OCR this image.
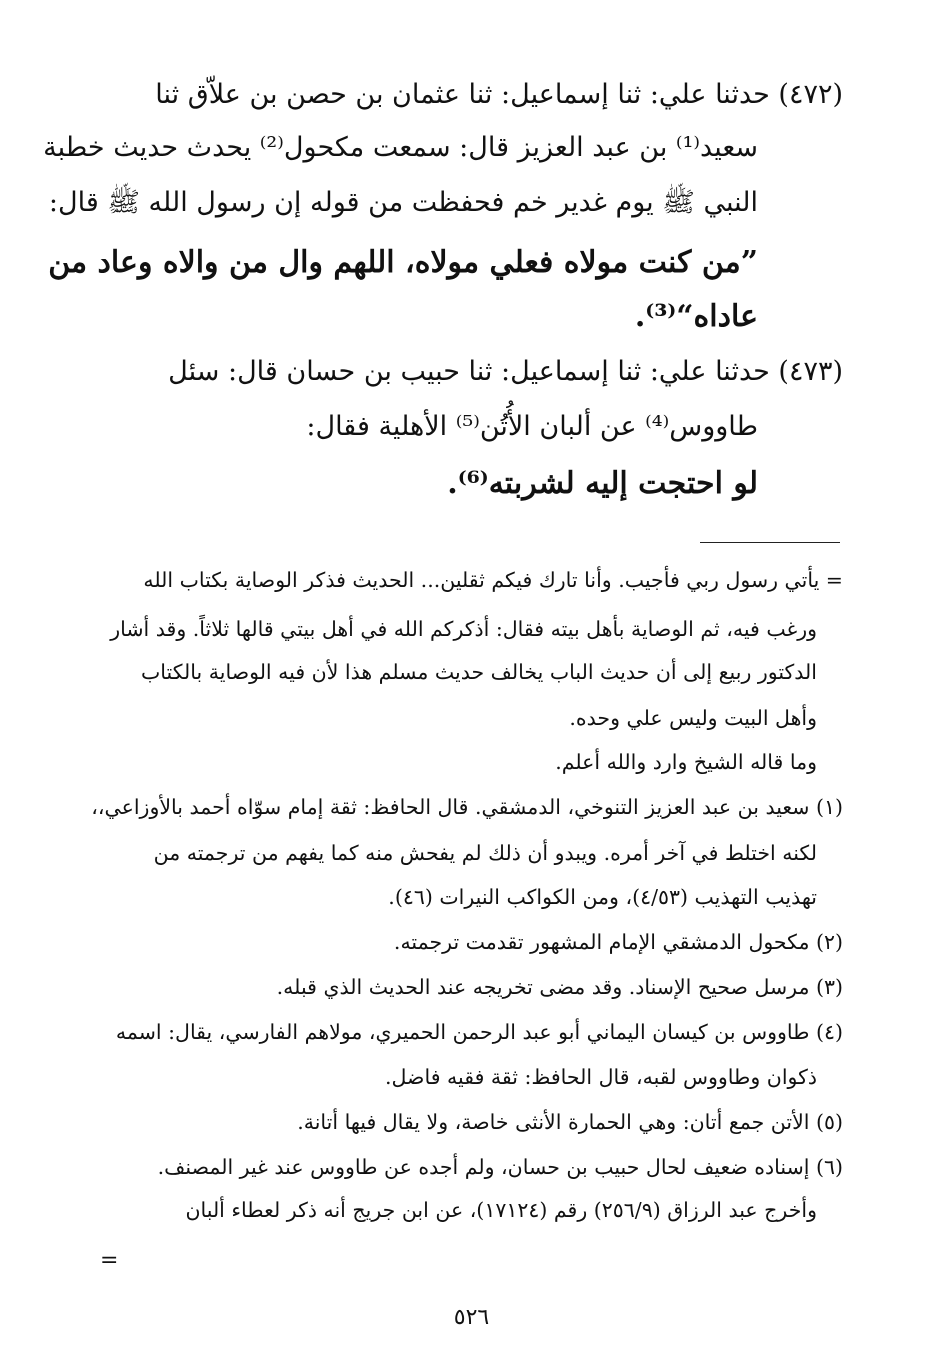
(٤٧٢) حدثنا علي: ثنا إسماعيل: ثنا عثمان بن حصن بن علاّق ثنا
سعيد⁽¹⁾ بن عبد العزيز قال: سمعت مكحول⁽²⁾ يحدث حديث خطبة
النبي ﷺ يوم غدير خم فحفظت من قوله إن رسول الله ﷺ قال:
”من كنت مولاه فعلي مولاه، اللهم وال من والاه وعاد من
عاداه“⁽³⁾.
(٤٧٣) حدثنا علي: ثنا إسماعيل: ثنا حبيب بن حسان قال: سئل
طاووس⁽⁴⁾ عن ألبان الأُتُن⁽⁵⁾ الأهلية فقال:
لو احتجت إليه لشربته⁽⁶⁾.
= يأتي رسول ربي فأجيب. وأنا تارك فيكم ثقلين... الحديث فذكر الوصاية بكتاب الله
ورغب فيه، ثم الوصاية بأهل بيته فقال: أذكركم الله في أهل بيتي قالها ثلاثاً. وقد أشار
الدكتور ربيع إلى أن حديث الباب يخالف حديث مسلم هذا لأن فيه الوصاية بالكتاب
وأهل البيت وليس علي وحده.
وما قاله الشيخ وارد والله أعلم.
(١) سعيد بن عبد العزيز التنوخي، الدمشقي. قال الحافظ: ثقة إمام سوّاه أحمد بالأوزاعي،،
لكنه اختلط في آخر أمره. ويبدو أن ذلك لم يفحش منه كما يفهم من ترجمته من
تهذيب التهذيب (٤/٥٣)، ومن الكواكب النيرات (٤٦).
(٢) مكحول الدمشقي الإمام المشهور تقدمت ترجمته.
(٣) مرسل صحيح الإسناد. وقد مضى تخريجه عند الحديث الذي قبله.
(٤) طاووس بن كيسان اليماني أبو عبد الرحمن الحميري، مولاهم الفارسي، يقال: اسمه
ذكوان وطاووس لقبه، قال الحافظ: ثقة فقيه فاضل.
(٥) الأتن جمع أتان: وهي الحمارة الأنثى خاصة، ولا يقال فيها أتانة.
(٦) إسناده ضعيف لحال حبيب بن حسان، ولم أجده عن طاووس عند غير المصنف.
وأخرج عبد الرزاق (٢٥٦/٩) رقم (١٧١٢٤)، عن ابن جريج أنه ذكر لعطاء ألبان
=
٥٢٦
